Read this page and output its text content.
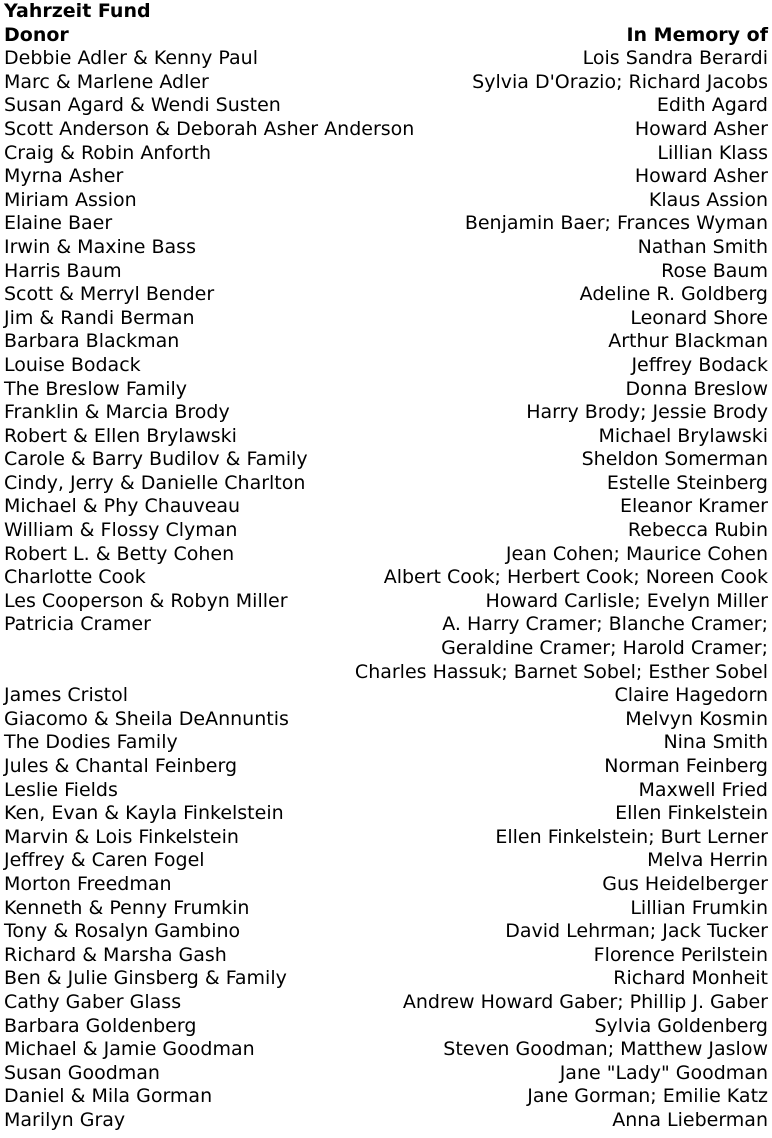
Yahrzeit Fund
Donor	In Memory of
Debbie Adler & Kenny Paul	Lois Sandra Berardi
Marc & Marlene Adler	Sylvia D'Orazio; Richard Jacobs
Susan Agard & Wendi Susten	Edith Agard
Scott Anderson & Deborah Asher Anderson	Howard Asher
Craig & Robin Anforth	Lillian Klass
Myrna Asher	Howard Asher
Miriam Assion	Klaus Assion
Elaine Baer	Benjamin Baer; Frances Wyman
Irwin & Maxine Bass	Nathan Smith
Harris Baum	Rose Baum
Scott & Merryl Bender	Adeline R. Goldberg
Jim & Randi Berman	Leonard Shore
Barbara Blackman	Arthur Blackman
Louise Bodack	Jeffrey Bodack
The Breslow Family	Donna Breslow
Franklin & Marcia Brody	Harry Brody; Jessie Brody
Robert & Ellen Brylawski	Michael Brylawski
Carole & Barry Budilov & Family	Sheldon Somerman
Cindy, Jerry & Danielle Charlton	Estelle Steinberg
Michael & Phy Chauveau	Eleanor Kramer
William & Flossy Clyman	Rebecca Rubin
Robert L. & Betty Cohen	Jean Cohen; Maurice Cohen
Charlotte Cook	Albert Cook; Herbert Cook; Noreen Cook
Les Cooperson & Robyn Miller	Howard Carlisle; Evelyn Miller
Patricia Cramer	A. Harry Cramer; Blanche Cramer;
Geraldine Cramer; Harold Cramer;
Charles Hassuk; Barnet Sobel; Esther Sobel
James Cristol	Claire Hagedorn
Giacomo & Sheila DeAnnuntis	Melvyn Kosmin
The Dodies Family	Nina Smith
Jules & Chantal Feinberg	Norman Feinberg
Leslie Fields	Maxwell Fried
Ken, Evan & Kayla Finkelstein	Ellen Finkelstein
Marvin & Lois Finkelstein	Ellen Finkelstein; Burt Lerner
Jeffrey & Caren Fogel	Melva Herrin
Morton Freedman	Gus Heidelberger
Kenneth & Penny Frumkin	Lillian Frumkin
Tony & Rosalyn Gambino	David Lehrman; Jack Tucker
Richard & Marsha Gash	Florence Perilstein
Ben & Julie Ginsberg & Family	Richard Monheit
Cathy Gaber Glass	Andrew Howard Gaber; Phillip J. Gaber
Barbara Goldenberg	Sylvia Goldenberg
Michael & Jamie Goodman	Steven Goodman; Matthew Jaslow
Susan Goodman	Jane "Lady" Goodman
Daniel & Mila Gorman	Jane Gorman; Emilie Katz
Marilyn Gray	Anna Lieberman
